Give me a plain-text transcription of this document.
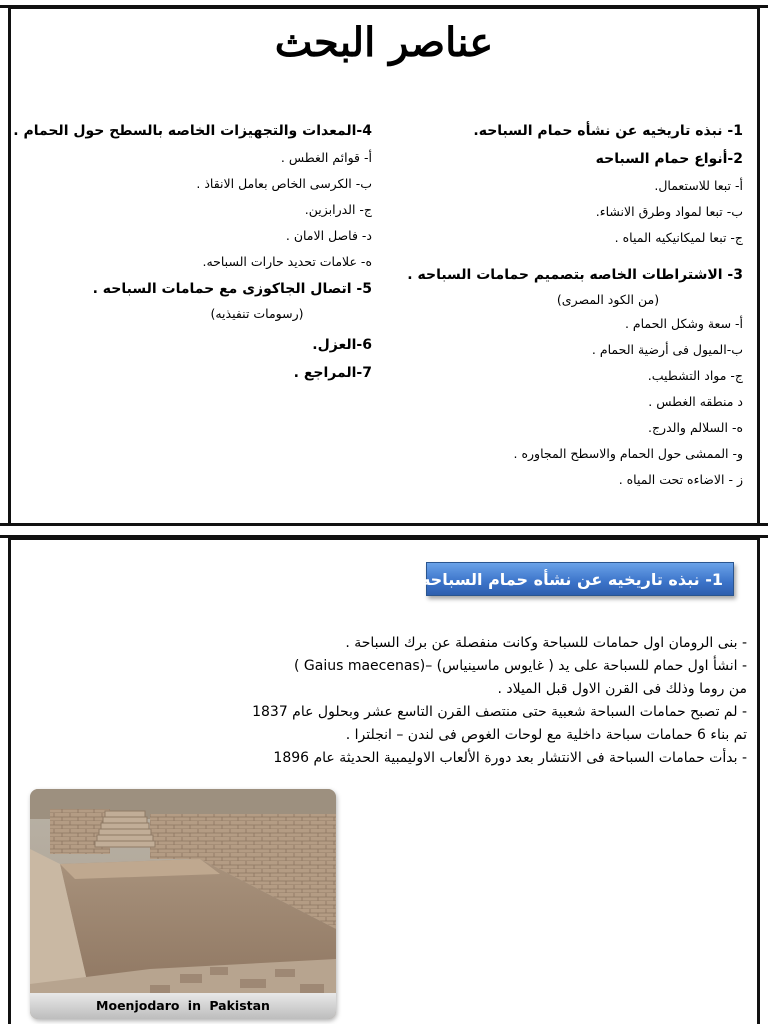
عناصر البحث
1- نبذه تاريخيه عن نشأه حمام السباحه.
2-أنواع حمام السباحه
أ- تبعا للاستعمال.
ب- تبعا لمواد وطرق الانشاء.
ج- تبعا لميكانيكيه المياه .
3- الاشتراطات الخاصه بتصميم حمامات السباحه .
(من الكود المصرى)
أ- سعة وشكل الحمام .
ب-الميول فى أرضية الحمام .
ج- مواد التشطيب.
د منطقه الغطس .
ه- السلالم والدرج.
و- الممشى حول الحمام والاسطح المجاوره .
ز - الاضاءه تحت المياه .
4-المعدات والتجهيزات الخاصه بالسطح حول الحمام .
أ- قوائم الغطس .
ب- الكرسى الخاص بعامل الانقاذ .
ج- الدرابزين.
د- فاصل الامان .
ه- علامات تحديد حارات السباحه.
5- اتصال الجاكوزى مع حمامات السباحه .
(رسومات تنفيذيه)
6-العزل.
7-المراجع .
1- نبذه تاريخيه عن نشأه حمام السباحه.
- بنى الرومان اول حمامات للسباحة وكانت منفصلة عن برك السباحة .
- انشأ اول حمام للسباحة على يد ( غايوس ماسينياس) –(Gaius maecenas )
من روما وذلك فى القرن الاول قبل الميلاد .
- لم تصبح حمامات السباحة شعبية حتى منتصف القرن التاسع عشر وبحلول عام 1837
تم بناء 6 حمامات سباحة داخلية مع لوحات الغوص فى لندن – انجلترا .
- بدأت حمامات السباحة فى الانتشار بعد دورة الألعاب الاوليمبية الحديثة عام 1896
Moenjodaro in Pakistan
